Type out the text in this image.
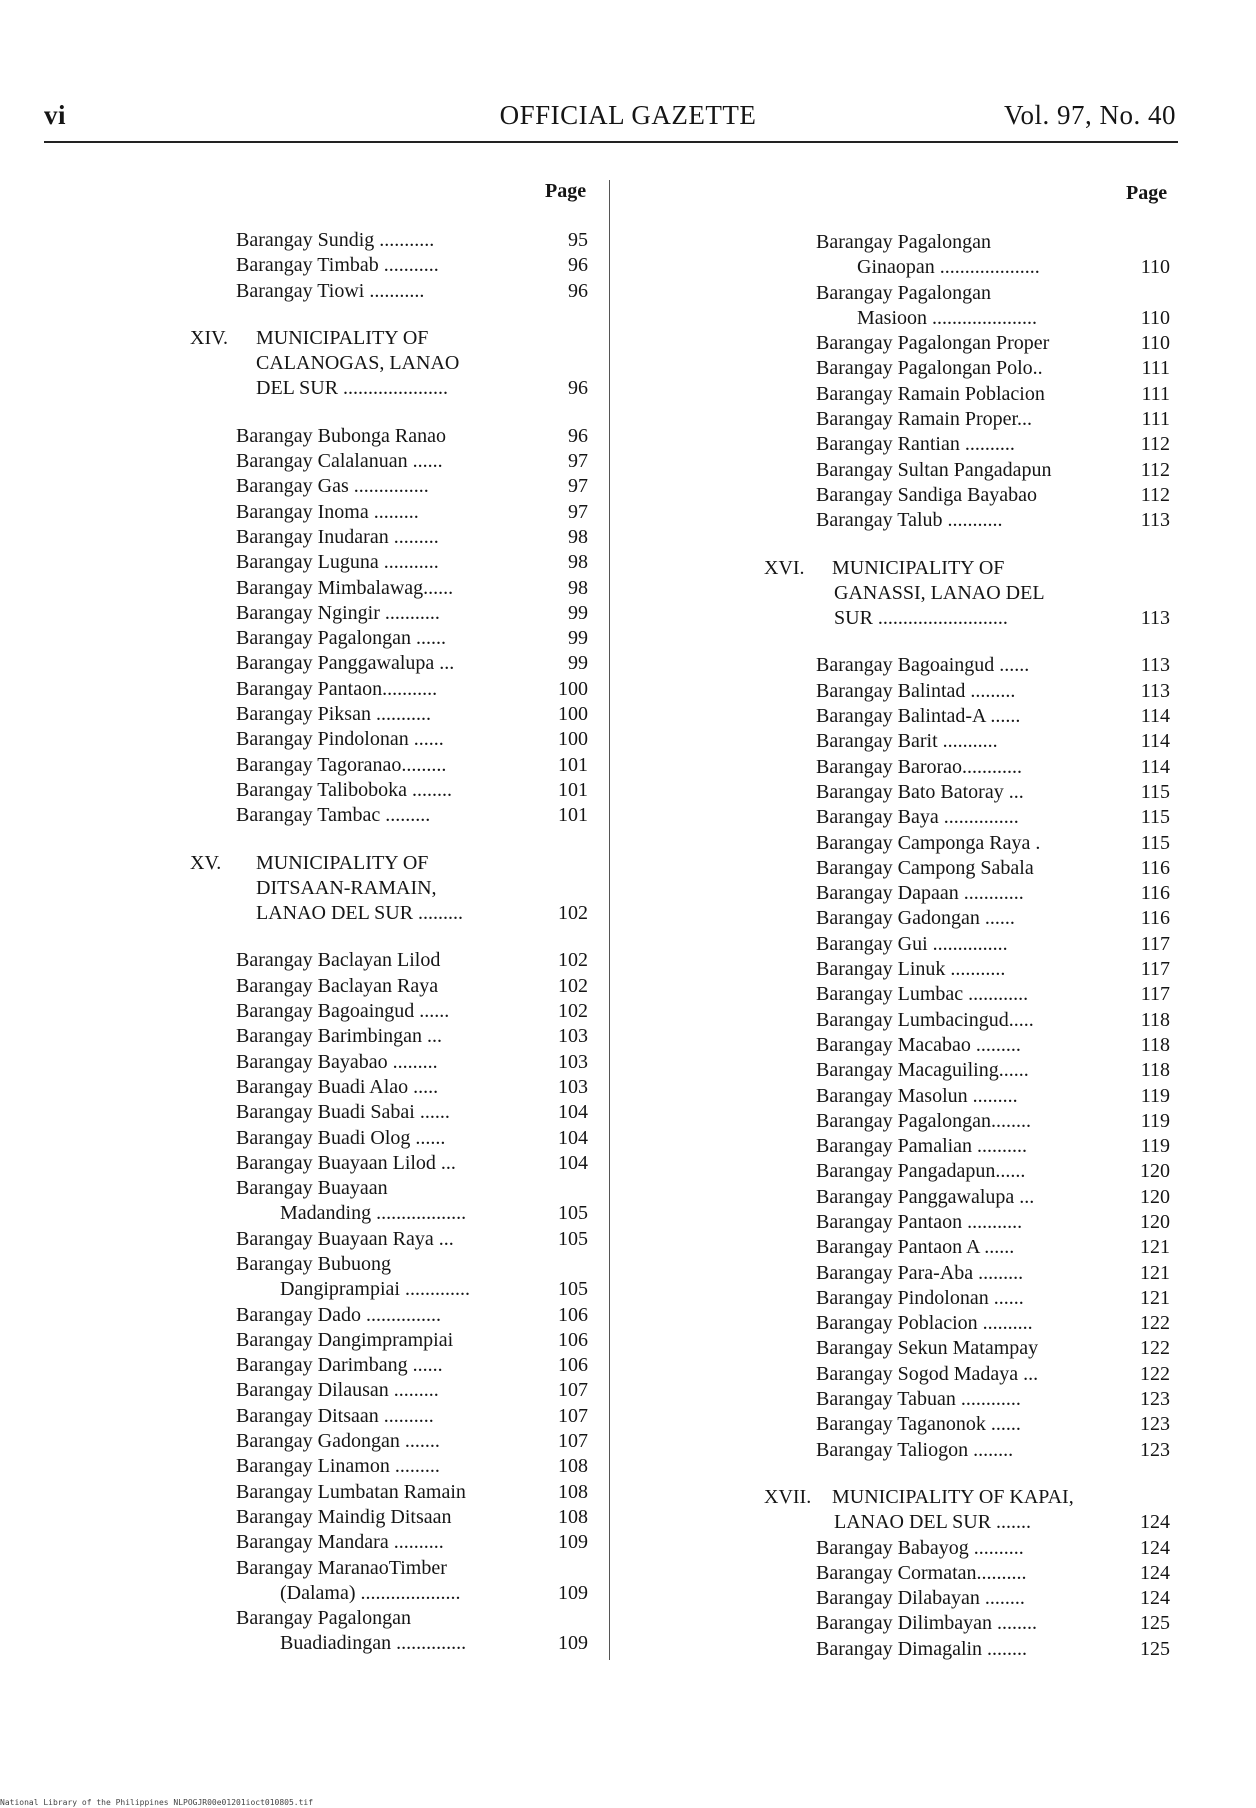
vi	OFFICIAL GAZETTE	Vol. 97, No. 40
Page	Page
Barangay Sundig ...........	95
Barangay Timbab ...........	96
Barangay Tiowi ...........	96
XIV. MUNICIPALITY OF
CALANOGAS, LANAO
DEL SUR .....................	96
Barangay Bubonga Ranao	96
Barangay Calalanuan ......	97
Barangay Gas ...............	97
Barangay Inoma .........	97
Barangay Inudaran .........	98
Barangay Luguna ...........	98
Barangay Mimbalawag......	98
Barangay Ngingir ...........	99
Barangay Pagalongan ......	99
Barangay Panggawalupa ...	99
Barangay Pantaon...........	100
Barangay Piksan ...........	100
Barangay Pindolonan ......	100
Barangay Tagoranao.........	101
Barangay Taliboboka ........	101
Barangay Tambac .........	101
XV. MUNICIPALITY OF
DITSAAN-RAMAIN,
LANAO DEL SUR .........	102
Barangay Baclayan Lilod	102
Barangay Baclayan Raya	102
Barangay Bagoaingud ......	102
Barangay Barimbingan ...	103
Barangay Bayabao .........	103
Barangay Buadi Alao .....	103
Barangay Buadi Sabai ......	104
Barangay Buadi Olog ......	104
Barangay Buayaan Lilod ...	104
Barangay Buayaan
Madanding ..................	105
Barangay Buayaan Raya ...	105
Barangay Bubuong
Dangiprampiai .............	105
Barangay Dado ...............	106
Barangay Dangimprampiai	106
Barangay Darimbang ......	106
Barangay Dilausan .........	107
Barangay Ditsaan ..........	107
Barangay Gadongan .......	107
Barangay Linamon .........	108
Barangay Lumbatan Ramain	108
Barangay Maindig Ditsaan	108
Barangay Mandara ..........	109
Barangay MaranaoTimber
(Dalama) ....................	109
Barangay Pagalongan
Buadiadingan ..............	109
Barangay Pagalongan
Ginaopan ....................	110
Barangay Pagalongan
Masioon .....................	110
Barangay Pagalongan Proper	110
Barangay Pagalongan Polo..	111
Barangay Ramain Poblacion	111
Barangay Ramain Proper...	111
Barangay Rantian ..........	112
Barangay Sultan Pangadapun	112
Barangay Sandiga Bayabao	112
Barangay Talub ...........	113
XVI. MUNICIPALITY OF
GANASSI, LANAO DEL
SUR ..........................	113
Barangay Bagoaingud ......	113
Barangay Balintad .........	113
Barangay Balintad-A ......	114
Barangay Barit ...........	114
Barangay Barorao............	114
Barangay Bato Batoray ...	115
Barangay Baya ...............	115
Barangay Camponga Raya .	115
Barangay Campong Sabala	116
Barangay Dapaan ............	116
Barangay Gadongan ......	116
Barangay Gui ...............	117
Barangay Linuk ...........	117
Barangay Lumbac ............	117
Barangay Lumbacingud.....	118
Barangay Macabao .........	118
Barangay Macaguiling......	118
Barangay Masolun .........	119
Barangay Pagalongan........	119
Barangay Pamalian ..........	119
Barangay Pangadapun......	120
Barangay Panggawalupa ...	120
Barangay Pantaon ...........	120
Barangay Pantaon A ......	121
Barangay Para-Aba .........	121
Barangay Pindolonan ......	121
Barangay Poblacion ..........	122
Barangay Sekun Matampay	122
Barangay Sogod Madaya ...	122
Barangay Tabuan ............	123
Barangay Taganonok ......	123
Barangay Taliogon ........	123
XVII. MUNICIPALITY OF KAPAI,
LANAO DEL SUR .......	124
Barangay Babayog ..........	124
Barangay Cormatan..........	124
Barangay Dilabayan ........	124
Barangay Dilimbayan ........	125
Barangay Dimagalin ........	125
National Library of the Philippines NLPOGJR00e01201ioct010805.tif
